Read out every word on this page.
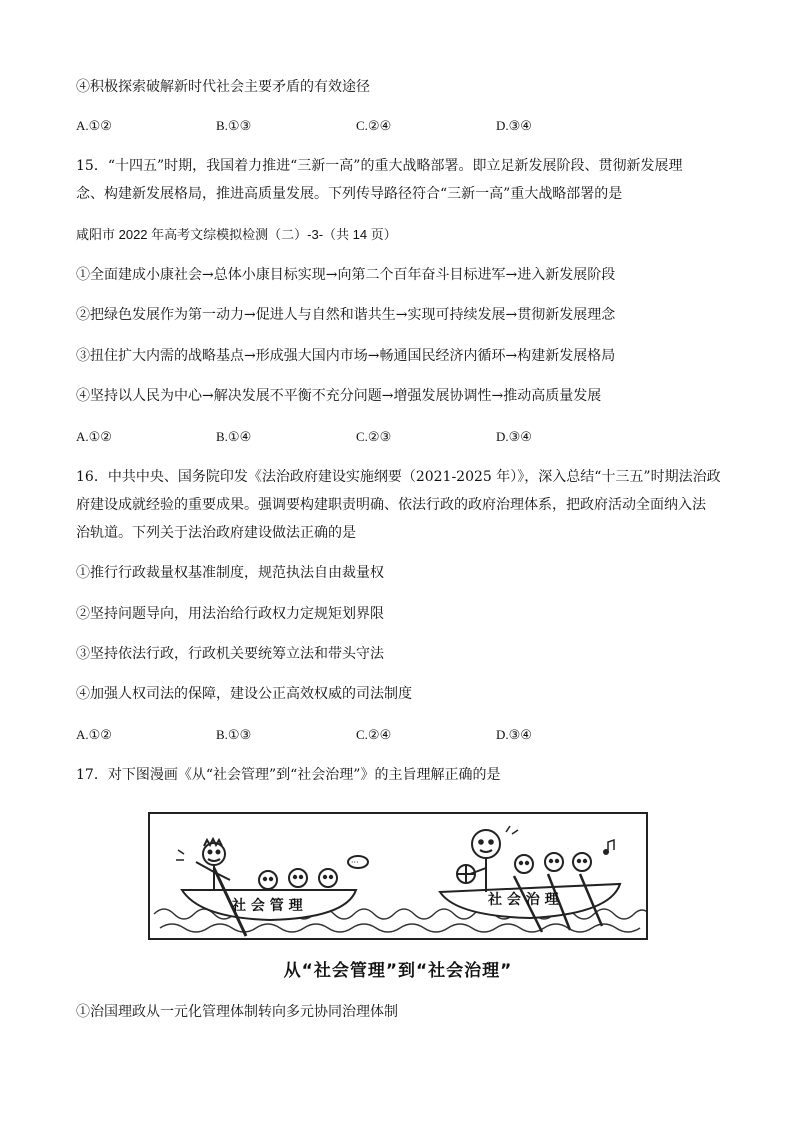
④积极探索破解新时代社会主要矛盾的有效途径
A.①②	B.①③	C.②④	D.③④
15．“十四五”时期，我国着力推进“三新一高”的重大战略部署。即立足新发展阶段、贯彻新发展理
念、构建新发展格局，推进高质量发展。下列传导路径符合“三新一高”重大战略部署的是
咸阳市 2022 年高考文综模拟检测（二）-3-（共 14 页）
①全面建成小康社会→总体小康目标实现→向第二个百年奋斗目标进军→进入新发展阶段
②把绿色发展作为第一动力→促进人与自然和谐共生→实现可持续发展→贯彻新发展理念
③扭住扩大内需的战略基点→形成强大国内市场→畅通国民经济内循环→构建新发展格局
④坚持以人民为中心→解决发展不平衡不充分问题→增强发展协调性→推动高质量发展
A.①②	B.①④	C.②③	D.③④
16．中共中央、国务院印发《法治政府建设实施纲要（2021-2025 年）》，深入总结“十三五”时期法治政
府建设成就经验的重要成果。强调要构建职责明确、依法行政的政府治理体系，把政府活动全面纳入法
治轨道。下列关于法治政府建设做法正确的是
①推行行政裁量权基准制度，规范执法自由裁量权
②坚持问题导向，用法治给行政权力定规矩划界限
③坚持依法行政，行政机关要统筹立法和带头守法
④加强人权司法的保障，建设公正高效权威的司法制度
A.①②	B.①③	C.②④	D.③④
17．对下图漫画《从“社会管理”到“社会治理”》的主旨理解正确的是
···
社 会 管 理	社 会 治 理
从“社会管理”到“社会治理”
①治国理政从一元化管理体制转向多元协同治理体制
